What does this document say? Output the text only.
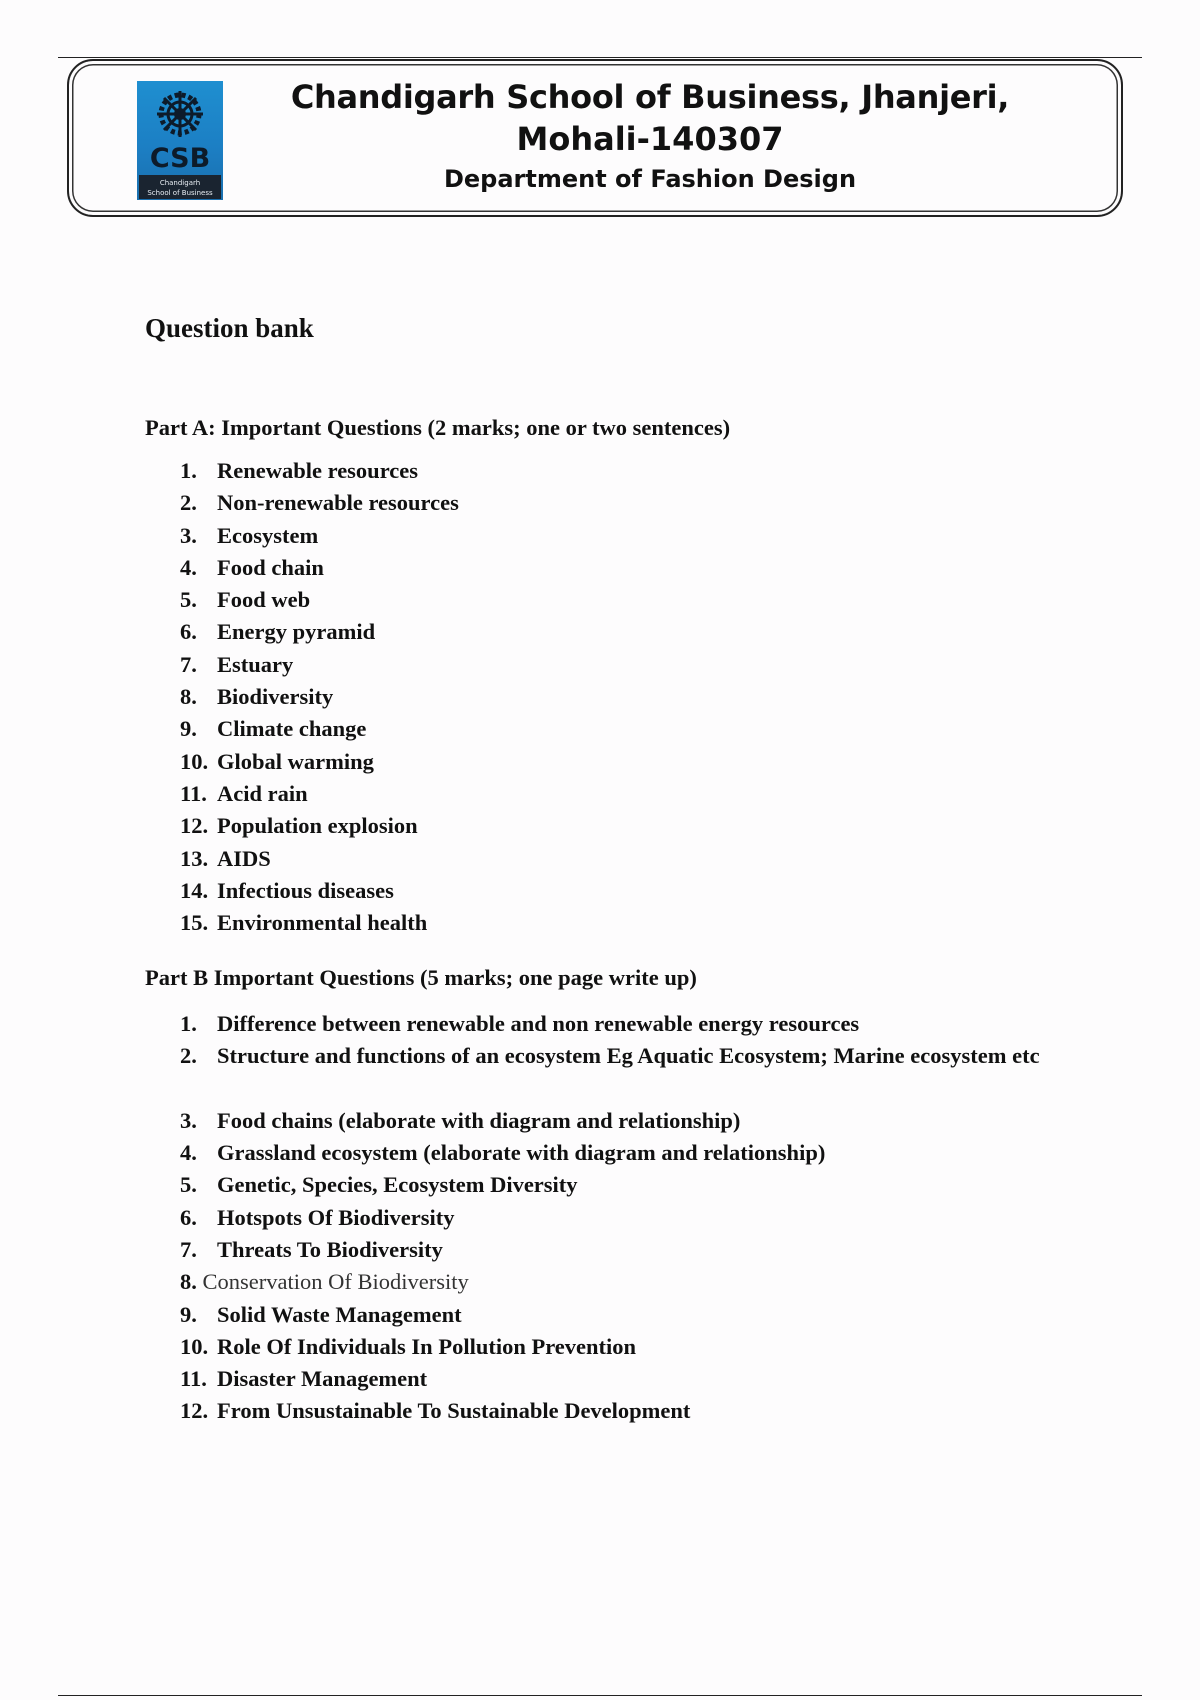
CSB
Chandigarh
School of Business
Chandigarh School of Business, Jhanjeri,
Mohali-140307
Department of Fashion Design
Question bank
Part A: Important Questions (2 marks; one or two sentences)
1. Renewable resources
2. Non-renewable resources
3. Ecosystem
4. Food chain
5. Food web
6. Energy pyramid
7. Estuary
8. Biodiversity
9. Climate change
10. Global warming
11. Acid rain
12. Population explosion
13. AIDS
14. Infectious diseases
15. Environmental health
Part B Important Questions (5 marks; one page write up)
1. Difference between renewable and non renewable energy resources
2. Structure and functions of an ecosystem Eg Aquatic Ecosystem; Marine ecosystem etc
3. Food chains (elaborate with diagram and relationship)
4. Grassland ecosystem (elaborate with diagram and relationship)
5. Genetic, Species, Ecosystem Diversity
6. Hotspots Of Biodiversity
7. Threats To Biodiversity
8. Conservation Of Biodiversity
9. Solid Waste Management
10. Role Of Individuals In Pollution Prevention
11. Disaster Management
12. From Unsustainable To Sustainable Development
